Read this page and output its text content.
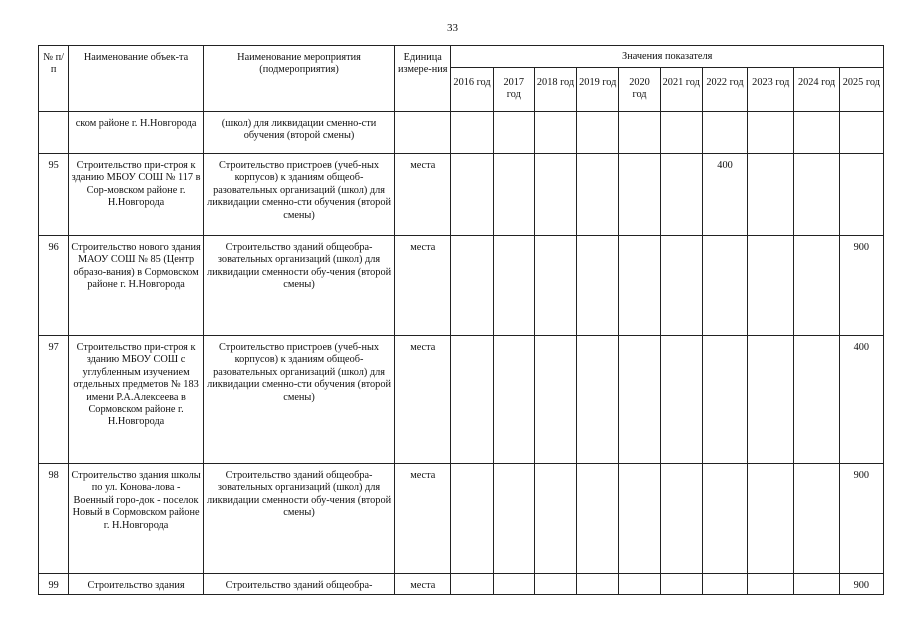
33
№ п/п	Наименование объек-та	Наименование мероприятия (подмероприятия)	Единица измере-ния	Значения показателя									
				2016 год	2017 год	2018 год	2019 год	2020 год	2021 год	2022 год	2023 год	2024 год	2025 год
	ском районе г. Н.Новгорода	(школ) для ликвидации сменно-сти обучения (второй смены)											
95	Строительство при-строя к зданию МБОУ СОШ № 117 в Сор-мовском районе г. Н.Новгорода	Строительство пристроев (учеб-ных корпусов) к зданиям общеоб-разовательных организаций (школ) для ликвидации сменно-сти обучения (второй смены)	места							400			
96	Строительство нового здания МАОУ СОШ № 85 (Центр образо-вания) в Сормовском районе г. Н.Новгорода	Строительство зданий общеобра-зовательных организаций (школ) для ликвидации сменности обу-чения (второй смены)	места										900
97	Строительство при-строя к зданию МБОУ СОШ с углубленным изучением отдельных предметов № 183 имени Р.А.Алексеева в Сормовском районе г. Н.Новгорода	Строительство пристроев (учеб-ных корпусов) к зданиям общеоб-разовательных организаций (школ) для ликвидации сменно-сти обучения (второй смены)	места										400
98	Строительство здания школы по ул. Конова-лова - Военный горо-док - поселок Новый в Сормовском районе г. Н.Новгорода	Строительство зданий общеобра-зовательных организаций (школ) для ликвидации сменности обу-чения (второй смены)	места										900
99	Строительство здания	Строительство зданий общеобра-	места										900
